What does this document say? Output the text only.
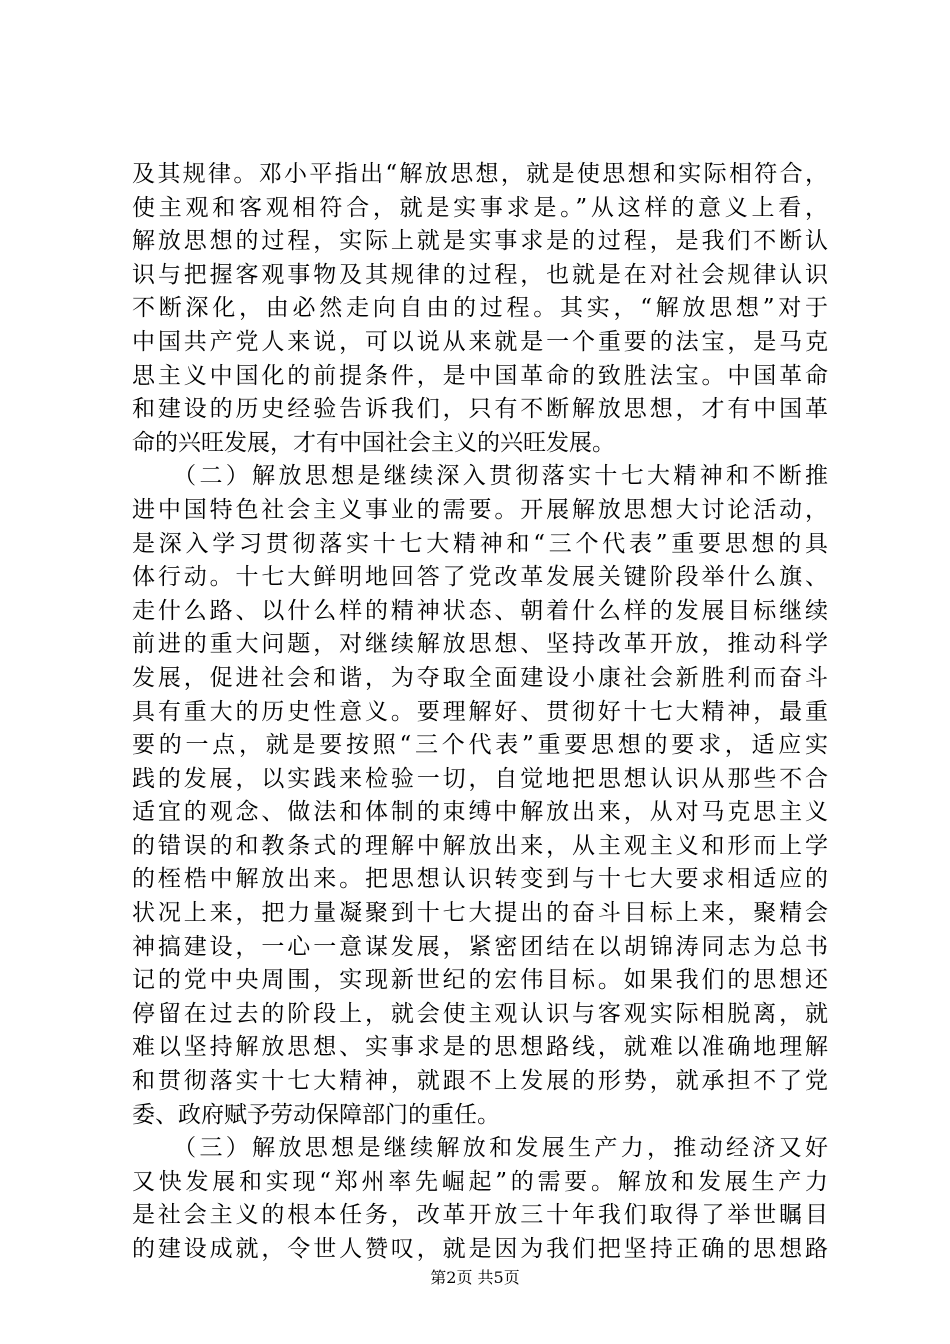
及其规律。邓小平指出“解放思想，就是使思想和实际相符合，
使主观和客观相符合，就是实事求是。”从这样的意义上看，
解放思想的过程，实际上就是实事求是的过程，是我们不断认
识与把握客观事物及其规律的过程，也就是在对社会规律认识
不断深化，由必然走向自由的过程。其实，“解放思想”对于
中国共产党人来说，可以说从来就是一个重要的法宝，是马克
思主义中国化的前提条件，是中国革命的致胜法宝。中国革命
和建设的历史经验告诉我们，只有不断解放思想，才有中国革
命的兴旺发展，才有中国社会主义的兴旺发展。
　　（二）解放思想是继续深入贯彻落实十七大精神和不断推
进中国特色社会主义事业的需要。开展解放思想大讨论活动，
是深入学习贯彻落实十七大精神和“三个代表”重要思想的具
体行动。十七大鲜明地回答了党改革发展关键阶段举什么旗、
走什么路、以什么样的精神状态、朝着什么样的发展目标继续
前进的重大问题，对继续解放思想、坚持改革开放，推动科学
发展，促进社会和谐，为夺取全面建设小康社会新胜利而奋斗
具有重大的历史性意义。要理解好、贯彻好十七大精神，最重
要的一点，就是要按照“三个代表”重要思想的要求，适应实
践的发展，以实践来检验一切，自觉地把思想认识从那些不合
适宜的观念、做法和体制的束缚中解放出来，从对马克思主义
的错误的和教条式的理解中解放出来，从主观主义和形而上学
的桎梏中解放出来。把思想认识转变到与十七大要求相适应的
状况上来，把力量凝聚到十七大提出的奋斗目标上来，聚精会
神搞建设，一心一意谋发展，紧密团结在以胡锦涛同志为总书
记的党中央周围，实现新世纪的宏伟目标。如果我们的思想还
停留在过去的阶段上，就会使主观认识与客观实际相脱离，就
难以坚持解放思想、实事求是的思想路线，就难以准确地理解
和贯彻落实十七大精神，就跟不上发展的形势，就承担不了党
委、政府赋予劳动保障部门的重任。
　　（三）解放思想是继续解放和发展生产力，推动经济又好
又快发展和实现“郑州率先崛起”的需要。解放和发展生产力
是社会主义的根本任务，改革开放三十年我们取得了举世瞩目
的建设成就，令世人赞叹，就是因为我们把坚持正确的思想路
第2页 共5页
